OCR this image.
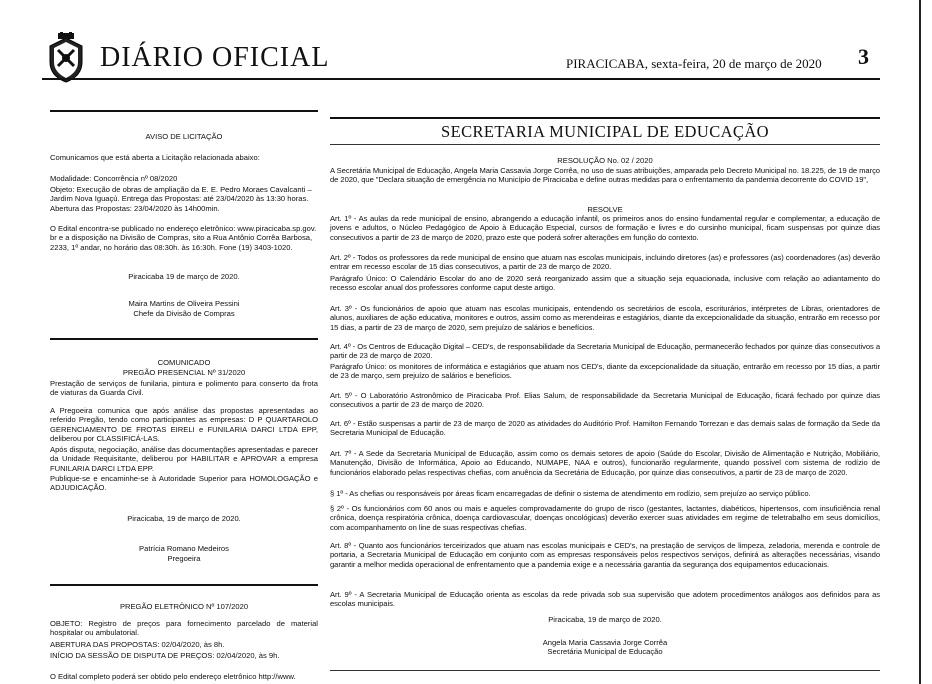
DIÁRIO OFICIAL	PIRACICABA, sexta-feira, 20 de março de 2020 3

AVISO DE LICITAÇÃO

Comunicamos que está aberta a Licitação relacionada abaixo:

Modalidade: Concorrência nº 08/2020

Objeto: Execução de obras de ampliação da E. E. Pedro Moraes Cavalcanti – Jardim Nova Iguaçú. Entrega das Propostas: até 23/04/2020 às 13:30 horas. Abertura das Propostas: 23/04/2020 às 14h00min.

O Edital encontra-se publicado no endereço eletrônico: www.piracicaba.sp.gov. br e a disposição na Divisão de Compras, sito a Rua Antônio Corrêa Barbosa, 2233, 1º andar, no horário das 08:30h. às 16:30h. Fone (19) 3403-1020.

Piracicaba 19 de março de 2020.

Maira Martins de Oliveira Pessini

Chefe da Divisão de Compras

COMUNICADO

PREGÃO PRESENCIAL Nº 31/2020

Prestação de serviços de funilaria, pintura e polimento para conserto da frota de viaturas da Guarda Civil.

A Pregoeira comunica que após análise das propostas apresentadas ao referido Pregão, tendo como participantes as empresas: D P QUARTAROLO GERENCIAMENTO DE FROTAS EIRELI e FUNILARIA DARCI LTDA EPP, deliberou por CLASSIFICÁ-LAS.

Após disputa, negociação, análise das documentações apresentadas e parecer da Unidade Requisitante, deliberou por HABILITAR e APROVAR a empresa FUNILARIA DARCI LTDA EPP.

Publique-se e encaminhe-se à Autoridade Superior para HOMOLOGAÇÃO e ADJUDICAÇÃO.

Piracicaba, 19 de março de 2020.

Patrícia Romano Medeiros

Pregoeira

PREGÃO ELETRÔNICO Nº 107/2020

OBJETO: Registro de preços para fornecimento parcelado de material hospitalar ou ambulatorial.

ABERTURA DAS PROPOSTAS: 02/04/2020, às 8h.

INÍCIO DA SESSÃO DE DISPUTA DE PREÇOS: 02/04/2020, às 9h.

O Edital completo poderá ser obtido pelo endereço eletrônico http://www.

SECRETARIA MUNICIPAL DE EDUCAÇÃO

RESOLUÇÃO No. 02 / 2020

A Secretária Municipal de Educação, Angela Maria Cassavia Jorge Corrêa, no uso de suas atribuições, amparada pelo Decreto Municipal no. 18.225, de 19 de março de 2020, que "Declara situação de emergência no Município de Piracicaba e define outras medidas para o enfrentamento da pandemia decorrente do COVID 19",

RESOLVE

Art. 1º - As aulas da rede municipal de ensino, abrangendo a educação infantil, os primeiros anos do ensino fundamental regular e complementar, a educação de jovens e adultos, o Núcleo Pedagógico de Apoio à Educação Especial, cursos de formação e livres e do cursinho municipal, ficam suspensas por quinze dias consecutivos a partir de 23 de março de 2020, prazo este que poderá sofrer alterações em função do contexto.

Art. 2º - Todos os professores da rede municipal de ensino que atuam nas escolas municipais, incluindo diretores (as) e professores (as) coordenadores (as) deverão entrar em recesso escolar de 15 dias consecutivos, a partir de 23 de março de 2020.

Parágrafo Único: O Calendário Escolar do ano de 2020 será reorganizado assim que a situação seja equacionada, inclusive com relação ao adiantamento do recesso escolar anual dos professores conforme caput deste artigo.

Art. 3º - Os funcionários de apoio que atuam nas escolas municipais, entendendo os secretários de escola, escriturários, intérpretes de Libras, orientadores de alunos, auxiliares de ação educativa, monitores e outros, assim como as merendeiras e estagiários, diante da excepcionalidade da situação, entrarão em recesso por 15 dias, a partir de 23 de março de 2020, sem prejuízo de salários e benefícios.

Art. 4º - Os Centros de Educação Digital – CED's, de responsabilidade da Secretaria Municipal de Educação, permanecerão fechados por quinze dias consecutivos a partir de 23 de março de 2020.

Parágrafo Único: os monitores de informática e estagiários que atuam nos CED's, diante da excepcionalidade da situação, entrarão em recesso por 15 dias, a partir de 23 de março, sem prejuízo de salários e benefícios.

Art. 5º - O Laboratório Astronômico de Piracicaba Prof. Elias Salum, de responsabilidade da Secretaria Municipal de Educação, ficará fechado por quinze dias consecutivos a partir de 23 de março de 2020.

Art. 6º - Estão suspensas a partir de 23 de março de 2020 as atividades do Auditório Prof. Hamilton Fernando Torrezan e das demais salas de formação da Sede da Secretaria Municipal de Educação.

Art. 7º - A Sede da Secretaria Municipal de Educação, assim como os demais setores de apoio (Saúde do Escolar, Divisão de Alimentação e Nutrição, Mobiliário, Manutenção, Divisão de Informática, Apoio ao Educando, NUMAPE, NAA e outros), funcionarão regularmente, quando possível com sistema de rodízio de funcionários elaborado pelas respectivas chefias, com anuência da Secretária de Educação, por quinze dias consecutivos, a partir de 23 de março de 2020.

§ 1º - As chefias ou responsáveis por áreas ficam encarregadas de definir o sistema de atendimento em rodízio, sem prejuízo ao serviço público.

§ 2º - Os funcionários com 60 anos ou mais e aqueles comprovadamente do grupo de risco (gestantes, lactantes, diabéticos, hipertensos, com insuficiência renal crônica, doença respiratória crônica, doença cardiovascular, doenças oncológicas) deverão exercer suas atividades em regime de teletrabalho em seus domicílios, com acompanhamento on line de suas respectivas chefias.

Art. 8º - Quanto aos funcionários terceirizados que atuam nas escolas municipais e CED's, na prestação de serviços de limpeza, zeladoria, merenda e controle de portaria, a Secretaria Municipal de Educação em conjunto com as empresas responsáveis pelos respectivos serviços, definirá as alterações necessárias, visando garantir a melhor medida operacional de enfrentamento que a pandemia exige e a necessária garantia da segurança dos equipamentos educacionais.

Art. 9º - A Secretaria Municipal de Educação orienta as escolas da rede privada sob sua supervisão que adotem procedimentos análogos aos definidos para as escolas municipais.

Piracicaba, 19 de março de 2020.

Angela Maria Cassavia Jorge Corrêa

Secretária Municipal de Educação
